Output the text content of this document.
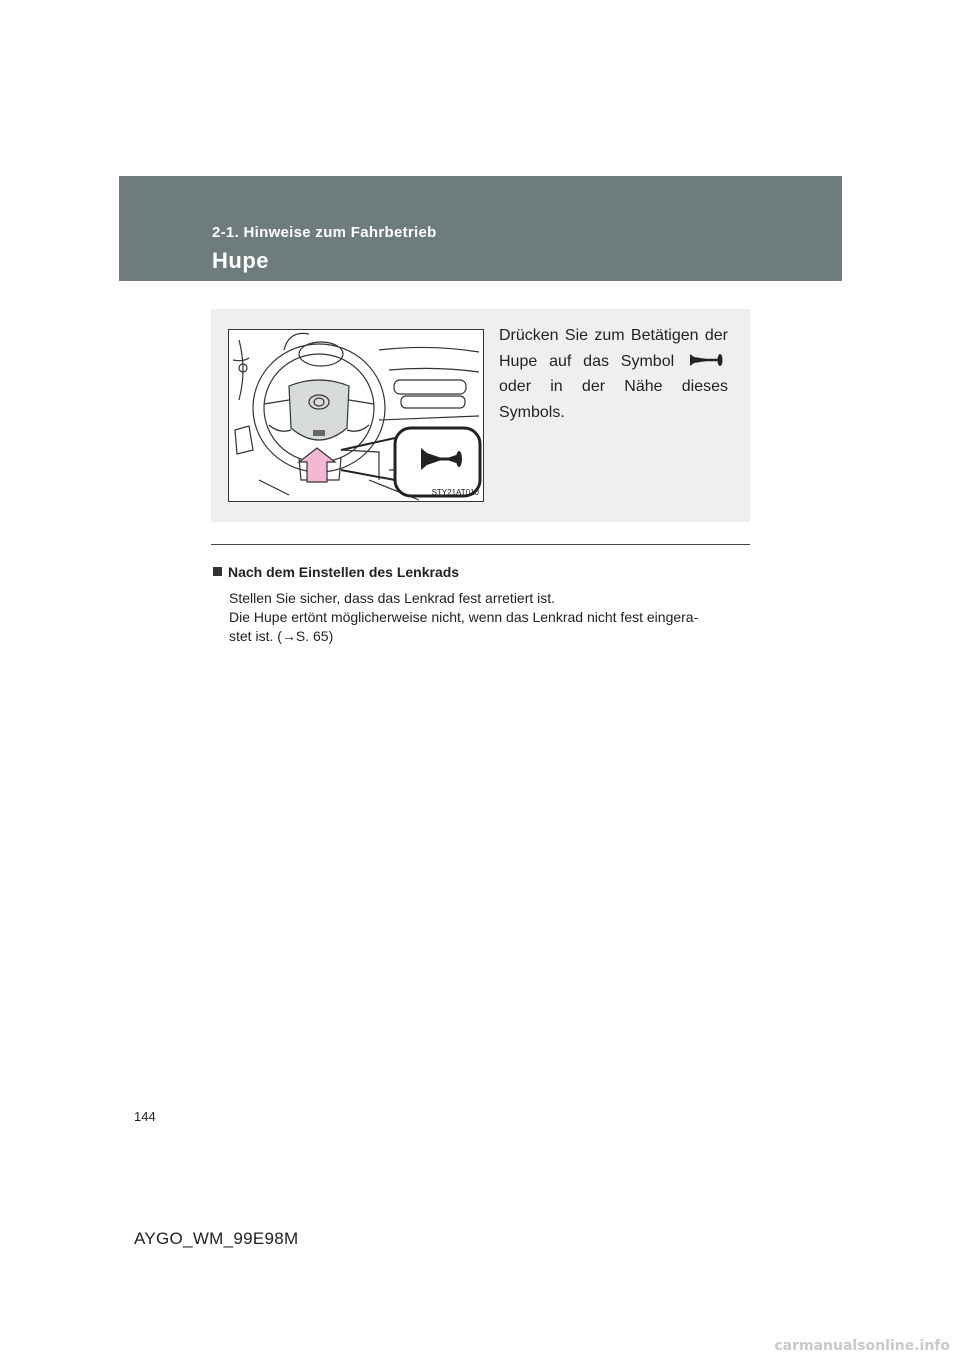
2-1. Hinweise zum Fahrbetrieb
Hupe
STY21AT010
Drücken Sie zum Betätigen der Hupe auf das Symbol oder in der Nähe dieses Symbols.
Nach dem Einstellen des Lenkrads
Stellen Sie sicher, dass das Lenkrad fest arretiert ist.
Die Hupe ertönt möglicherweise nicht, wenn das Lenkrad nicht fest eingera-
stet ist. (→S. 65)
144
AYGO_WM_99E98M
carmanualsonline.info
